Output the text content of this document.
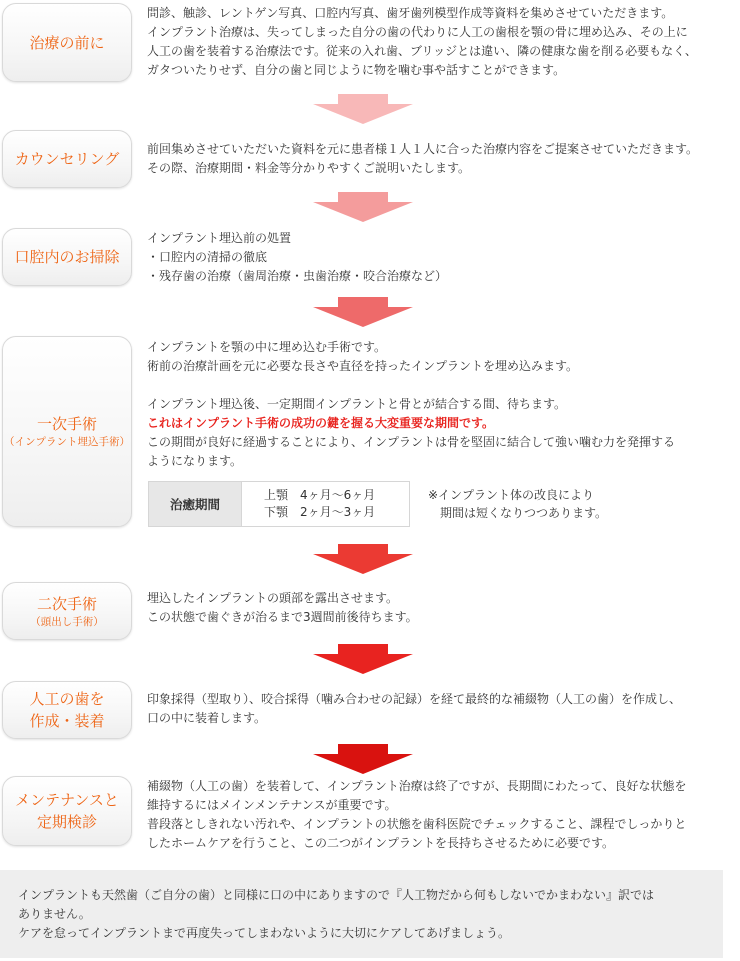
治療の前に

問診、触診、レントゲン写真、口腔内写真、歯牙歯列模型作成等資料を集めさせていただきます。

インプラント治療は、失ってしまった自分の歯の代わりに人工の歯根を顎の骨に埋め込み、その上に

人工の歯を装着する治療法です。従来の入れ歯、ブリッジとは違い、隣の健康な歯を削る必要もなく、

ガタついたりせず、自分の歯と同じように物を噛む事や話すことができます。

カウンセリング

前回集めさせていただいた資料を元に患者様１人１人に合った治療内容をご提案させていただきます。

その際、治療期間・料金等分かりやすくご説明いたします。

口腔内のお掃除

インプラント埋込前の処置

・口腔内の清掃の徹底

・残存歯の治療（歯周治療・虫歯治療・咬合治療など）

一次手術
（インプラント埋込手術）

インプラントを顎の中に埋め込む手術です。

術前の治療計画を元に必要な長さや直径を持ったインプラントを埋め込みます。

インプラント埋込後、一定期間インプラントと骨とが結合する間、待ちます。

これはインプラント手術の成功の鍵を握る大変重要な期間です。

この期間が良好に経過することにより、インプラントは骨を堅固に結合して強い噛む力を発揮する

ようになります。

治癒期間
上顎　4ヶ月〜6ヶ月
下顎　2ヶ月〜3ヶ月
※インプラント体の改良により
　期間は短くなりつつあります。
二次手術
（頭出し手術）

埋込したインプラントの頭部を露出させます。

この状態で歯ぐきが治るまで3週間前後待ちます。

人工の歯を
作成・装着

印象採得（型取り）、咬合採得（噛み合わせの記録）を経て最終的な補綴物（人工の歯）を作成し、

口の中に装着します。

メンテナンスと
定期検診

補綴物（人工の歯）を装着して、インプラント治療は終了ですが、長期間にわたって、良好な状態を

維持するにはメインメンテナンスが重要です。

普段落としきれない汚れや、インプラントの状態を歯科医院でチェックすること、課程でしっかりと

したホームケアを行うこと、この二つがインプラントを長持ちさせるために必要です。

インプラントも天然歯（ご自分の歯）と同様に口の中にありますので『人工物だから何もしないでかまわない』訳では

ありません。

ケアを怠ってインプラントまで再度失ってしまわないように大切にケアしてあげましょう。
